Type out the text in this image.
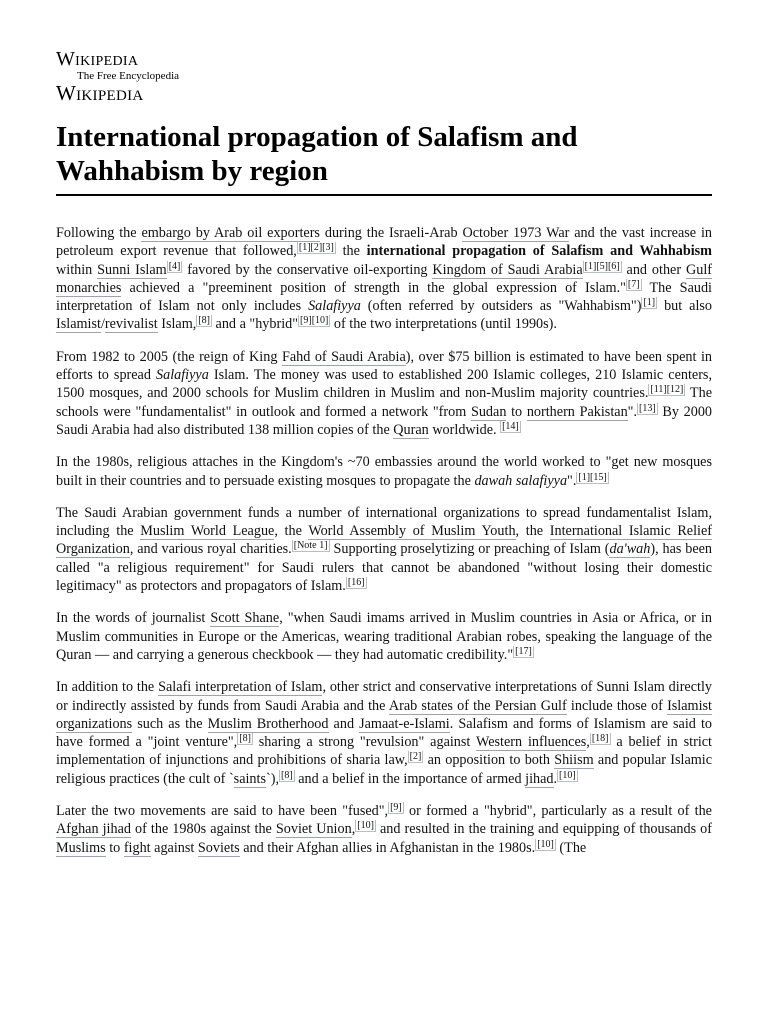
Wikipedia
The Free Encyclopedia
Wikipedia
International propagation of Salafism and Wahhabism by region

Following the embargo by Arab oil exporters during the Israeli-Arab October 1973 War and the vast increase in petroleum export revenue that followed, [1][2][3] the international propagation of Salafism and Wahhabism within Sunni Islam [4] favored by the conservative oil-exporting Kingdom of Saudi Arabia [1][5][6] and other Gulf monarchies achieved a "preeminent position of strength in the global expression of Islam." [7] The Saudi interpretation of Islam not only includes Salafiyya (often referred by outsiders as "Wahhabism") [1] but also Islamist/revivalist Islam, [8] and a "hybrid" [9][10] of the two interpretations (until 1990s).

From 1982 to 2005 (the reign of King Fahd of Saudi Arabia), over $75 billion is estimated to have been spent in efforts to spread Salafiyya Islam. The money was used to established 200 Islamic colleges, 210 Islamic centers, 1500 mosques, and 2000 schools for Muslim children in Muslim and non-Muslim majority countries. [11][12] The schools were "fundamentalist" in outlook and formed a network "from Sudan to northern Pakistan". [13] By 2000 Saudi Arabia had also distributed 138 million copies of the Quran worldwide. [14]

In the 1980s, religious attaches in the Kingdom's ~70 embassies around the world worked to "get new mosques built in their countries and to persuade existing mosques to propagate the dawah salafiyya". [1][15]

The Saudi Arabian government funds a number of international organizations to spread fundamentalist Islam, including the Muslim World League, the World Assembly of Muslim Youth, the International Islamic Relief Organization, and various royal charities. [Note 1] Supporting proselytizing or preaching of Islam (da'wah), has been called "a religious requirement" for Saudi rulers that cannot be abandoned "without losing their domestic legitimacy" as protectors and propagators of Islam. [16]

In the words of journalist Scott Shane, "when Saudi imams arrived in Muslim countries in Asia or Africa, or in Muslim communities in Europe or the Americas, wearing traditional Arabian robes, speaking the language of the Quran — and carrying a generous checkbook — they had automatic credibility." [17]

In addition to the Salafi interpretation of Islam, other strict and conservative interpretations of Sunni Islam directly or indirectly assisted by funds from Saudi Arabia and the Arab states of the Persian Gulf include those of Islamist organizations such as the Muslim Brotherhood and Jamaat-e-Islami. Salafism and forms of Islamism are said to have formed a "joint venture", [8] sharing a strong "revulsion" against Western influences, [18] a belief in strict implementation of injunctions and prohibitions of sharia law, [2] an opposition to both Shiism and popular Islamic religious practices (the cult of `saints`), [8] and a belief in the importance of armed jihad. [10]

Later the two movements are said to have been "fused", [9] or formed a "hybrid", particularly as a result of the Afghan jihad of the 1980s against the Soviet Union, [10] and resulted in the training and equipping of thousands of Muslims to fight against Soviets and their Afghan allies in Afghanistan in the 1980s. [10] (The
